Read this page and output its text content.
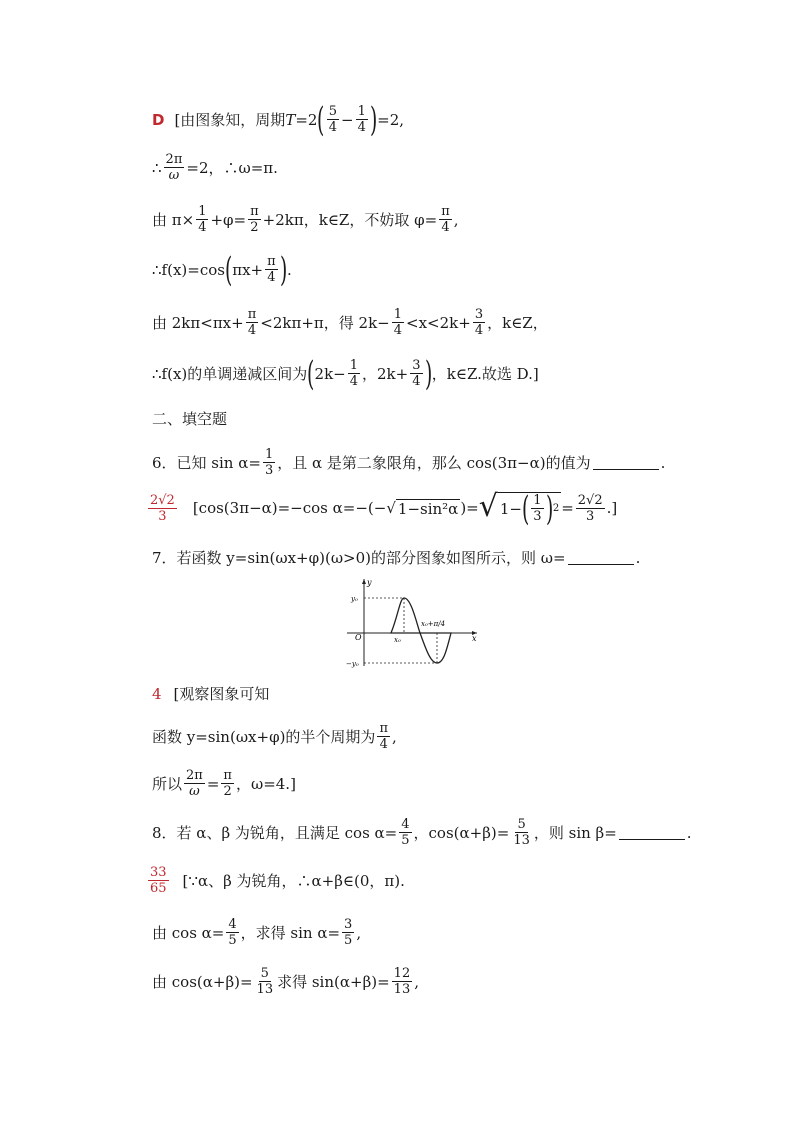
D [由图象知，周期 T =2 ( $\frac{5}{4} - \frac{1}{4}$ ) =2,
∴ $\frac{2\pi}{\omega} =2$，∴ω=π.
由 $\pi\times \frac{1}{4} +\varphi= \frac{\pi}{2} +2k\pi$，k∈Z，不妨取 $\varphi= \frac{\pi}{4}$ ,
∴f(x)=cos ( $\pi x+ \frac{\pi}{4}$ ) .
由 $2k\pi<\pi x+ \frac{\pi}{4} <2k\pi+\pi$，得 $2k- \frac{1}{4} <x<2k+ \frac{3}{4}$ ，k∈Z，
∴f(x)的单调递减区间为 ( $2k- \frac{1}{4}$ ，$2k+ \frac{3}{4}$ ) ，k∈Z.故选 D.]
二、填空题
6．已知 $\sin \alpha= \frac{1}{3}$ ，且 α 是第二象限角，那么 cos(3π−α)的值为	.
$\frac{2√2}{3} [\cos(3\pi-\alpha)=-\cos$ α=−(− √ 1−sin²α )= √ 1− ( $\frac{1}{3}$ ) $2 = \frac{2√2}{3}$ .]
7．若函数 y=sin(ωx+φ)(ω>0)的部分图象如图所示，则 ω=	.
y
x
O
y₀
−y₀
x₀
x₀+π/4
4 [观察图象可知
函数 y=sin(ωx+φ)的半个周期为 $\frac{\pi}{4}$ ,
所以 $\frac{2\pi}{\omega} = \frac{\pi}{2}$ ，ω=4.]
8．若 α、β 为锐角，且满足 $\cos \alpha= \frac{4}{5}$ ，$\cos(\alpha+\beta)= \frac{5}{13}$ ，则 sin β=	.
$\frac{33}{65}$ [∵α、β 为锐角，∴α+β∈(0，π).
由 $\cos \alpha= \frac{4}{5}$ ，求得 $\sin \alpha= \frac{3}{5}$ ,
由 $\cos(\alpha+\beta)= \frac{5}{13}$ 求得 $\sin(\alpha+\beta)= \frac{12}{13}$ ,
